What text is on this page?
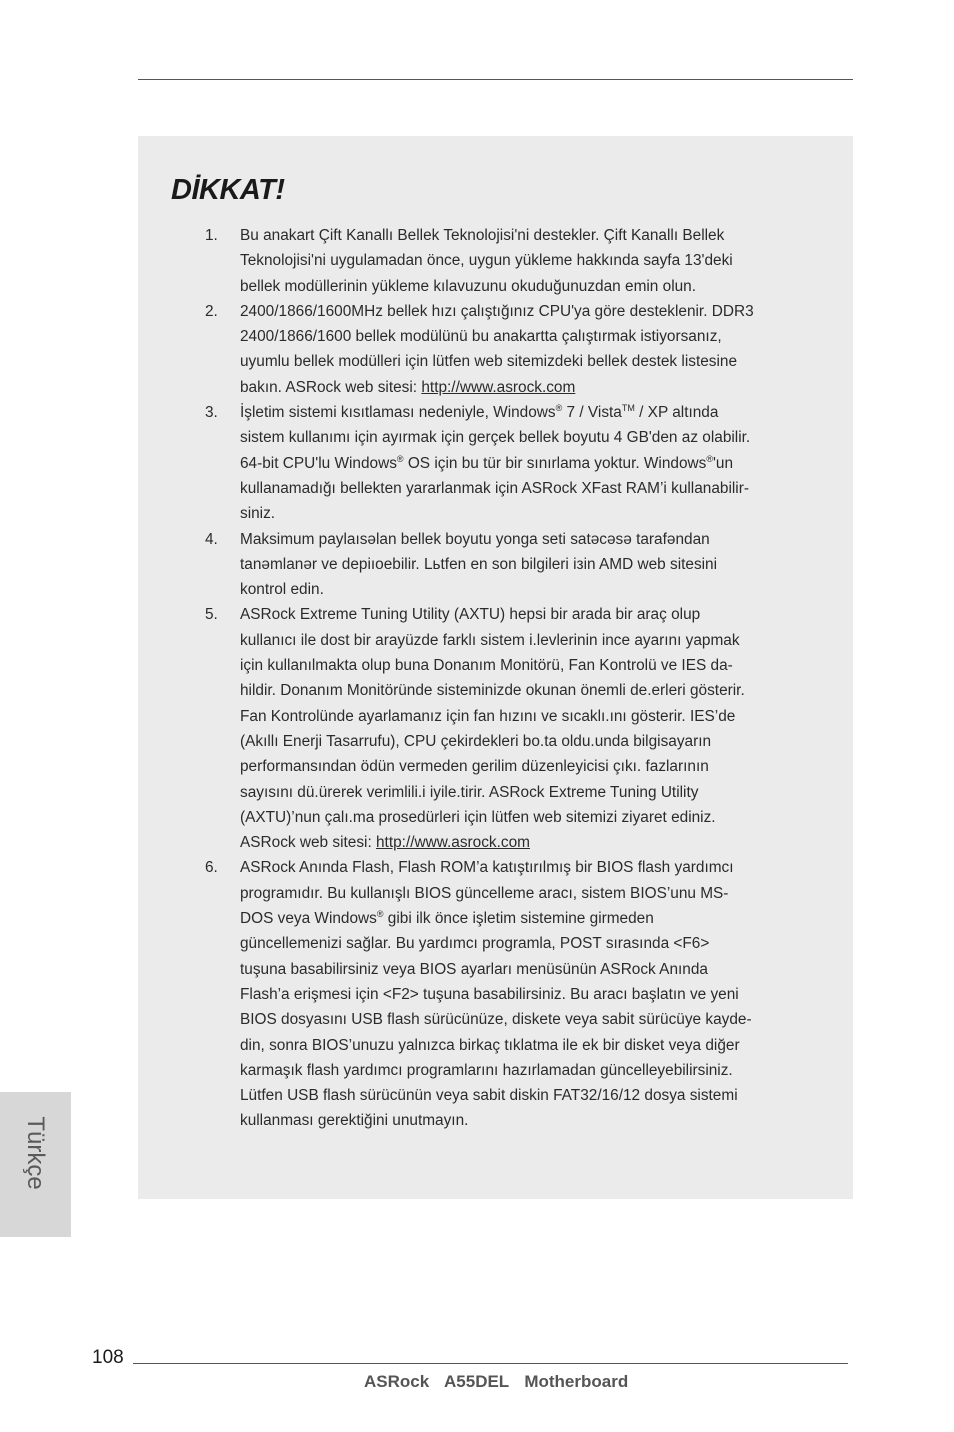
DİKKAT!
1. Bu anakart Çift Kanallı Bellek Teknolojisi'ni destekler. Çift Kanallı Bellek
Teknolojisi'ni uygulamadan önce, uygun yükleme hakkında sayfa 13'deki
bellek modüllerinin yükleme kılavuzunu okuduğunuzdan emin olun.
2. 2400/1866/1600MHz bellek hızı çalıştığınız CPU'ya göre desteklenir. DDR3
2400/1866/1600 bellek modülünü bu anakartta çalıştırmak istiyorsanız,
uyumlu bellek modülleri için lütfen web sitemizdeki bellek destek listesine
bakın. ASRock web sitesi: http://www.asrock.com
3. İşletim sistemi kısıtlaması nedeniyle, Windows® 7 / Vista™ / XP altında
sistem kullanımı için ayırmak için gerçek bellek boyutu 4 GB'den az olabilir.
64-bit CPU'lu Windows® OS için bu tür bir sınırlama yoktur. Windows®'un
kullanamadığı bellekten yararlanmak için ASRock XFast RAM’i kullanabilir-
siniz.
4. Maksimum paylaısəlan bellek boyutu yonga seti satəcəsə tarafəndan
tanəmlanər ve depiıoebilir. Lьtfen en son bilgileri iзin AMD web sitesini
kontrol edin.
5. ASRock Extreme Tuning Utility (AXTU) hepsi bir arada bir araç olup
kullanıcı ile dost bir arayüzde farklı sistem i.levlerinin ince ayarını yapmak
için kullanılmakta olup buna Donanım Monitörü, Fan Kontrolü ve IES da-
hildir. Donanım Monitöründe sisteminizde okunan önemli de.erleri gösterir.
Fan Kontrolünde ayarlamanız için fan hızını ve sıcaklı.ını gösterir. IES’de
(Akıllı Enerji Tasarrufu), CPU çekirdekleri bo.ta oldu.unda bilgisayarın
performansından ödün vermeden gerilim düzenleyicisi çıkı. fazlarının
sayısını dü.ürerek verimlili.i iyile.tirir. ASRock Extreme Tuning Utility
(AXTU)’nun çalı.ma prosedürleri için lütfen web sitemizi ziyaret ediniz.
ASRock web sitesi: http://www.asrock.com
6. ASRock Anında Flash, Flash ROM’a katıştırılmış bir BIOS flash yardımcı
programıdır. Bu kullanışlı BIOS güncelleme aracı, sistem BIOS’unu MS-
DOS veya Windows® gibi ilk önce işletim sistemine girmeden
güncellemenizi sağlar. Bu yardımcı programla, POST sırasında <F6>
tuşuna basabilirsiniz veya BIOS ayarları menüsünün ASRock Anında
Flash’a erişmesi için <F2> tuşuna basabilirsiniz. Bu aracı başlatın ve yeni
BIOS dosyasını USB flash sürücünüze, diskete veya sabit sürücüye kayde-
din, sonra BIOS’unuzu yalnızca birkaç tıklatma ile ek bir disket veya diğer
karmaşık flash yardımcı programlarını hazırlamadan güncelleyebilirsiniz.
Lütfen USB flash sürücünün veya sabit diskin FAT32/16/12 dosya sistemi
kullanması gerektiğini unutmayın.

Türkçe

108
ASRock  A55DEL  Motherboard
